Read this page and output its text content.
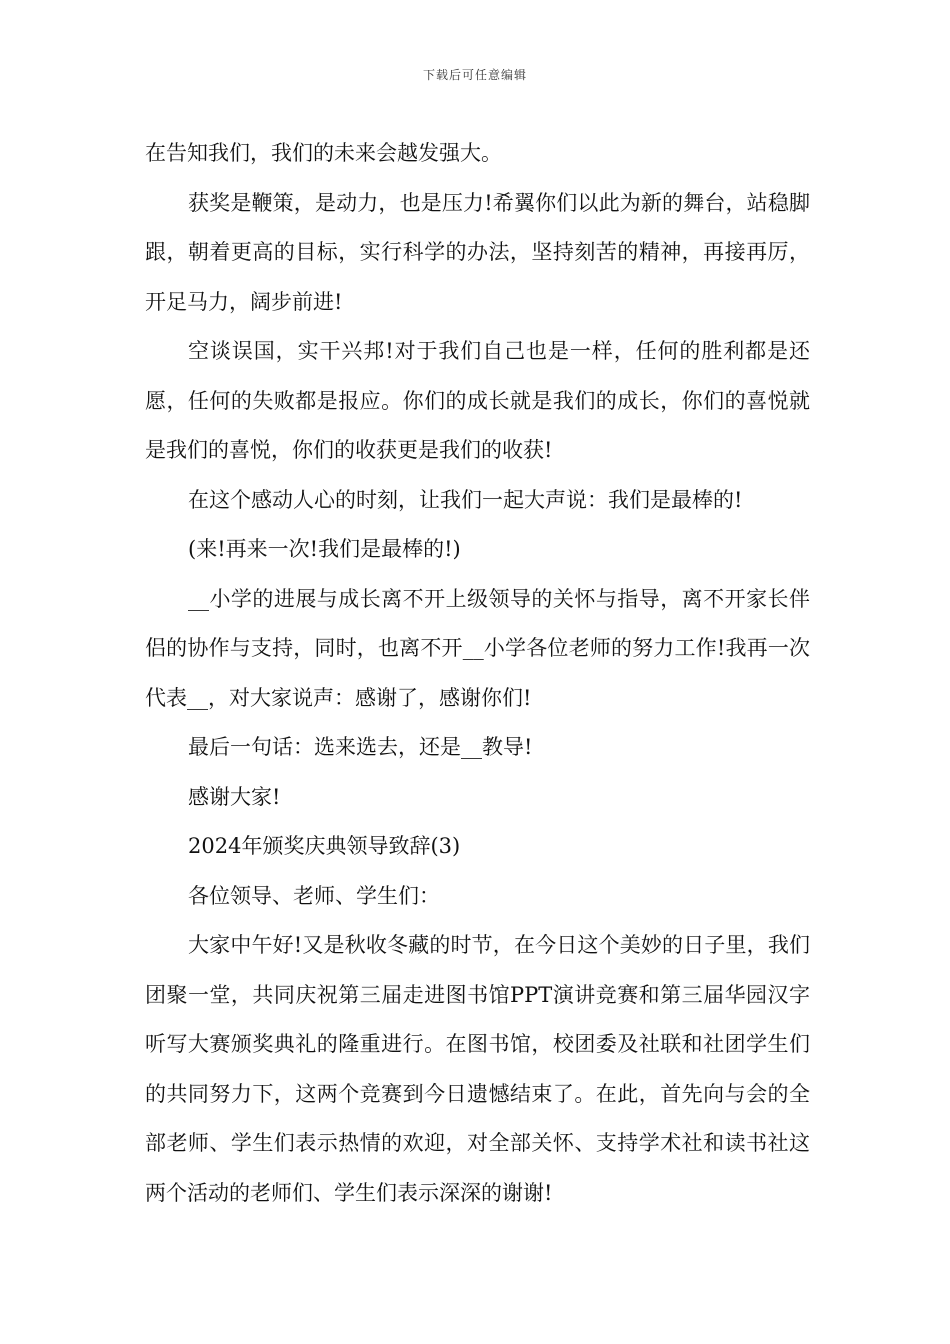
下载后可任意编辑

在告知我们，我们的未来会越发强大。

获奖是鞭策，是动力，也是压力!希翼你们以此为新的舞台，站稳脚跟，朝着更高的目标，实行科学的办法，坚持刻苦的精神，再接再厉，开足马力，阔步前进!

空谈误国，实干兴邦!对于我们自己也是一样，任何的胜利都是还愿，任何的失败都是报应。你们的成长就是我们的成长，你们的喜悦就是我们的喜悦，你们的收获更是我们的收获!

在这个感动人心的时刻，让我们一起大声说：我们是最棒的!

(来!再来一次!我们是最棒的!)

__小学的进展与成长离不开上级领导的关怀与指导，离不开家长伴侣的协作与支持，同时，也离不开__小学各位老师的努力工作!我再一次代表__，对大家说声：感谢了，感谢你们!

最后一句话：选来选去，还是__教导!

感谢大家!

2024年颁奖庆典领导致辞(3)

各位领导、老师、学生们：

大家中午好!又是秋收冬藏的时节，在今日这个美妙的日子里，我们团聚一堂，共同庆祝第三届走进图书馆PPT演讲竞赛和第三届华园汉字听写大赛颁奖典礼的隆重进行。在图书馆，校团委及社联和社团学生们的共同努力下，这两个竞赛到今日遗憾结束了。在此，首先向与会的全部老师、学生们表示热情的欢迎，对全部关怀、支持学术社和读书社这两个活动的老师们、学生们表示深深的谢谢!
